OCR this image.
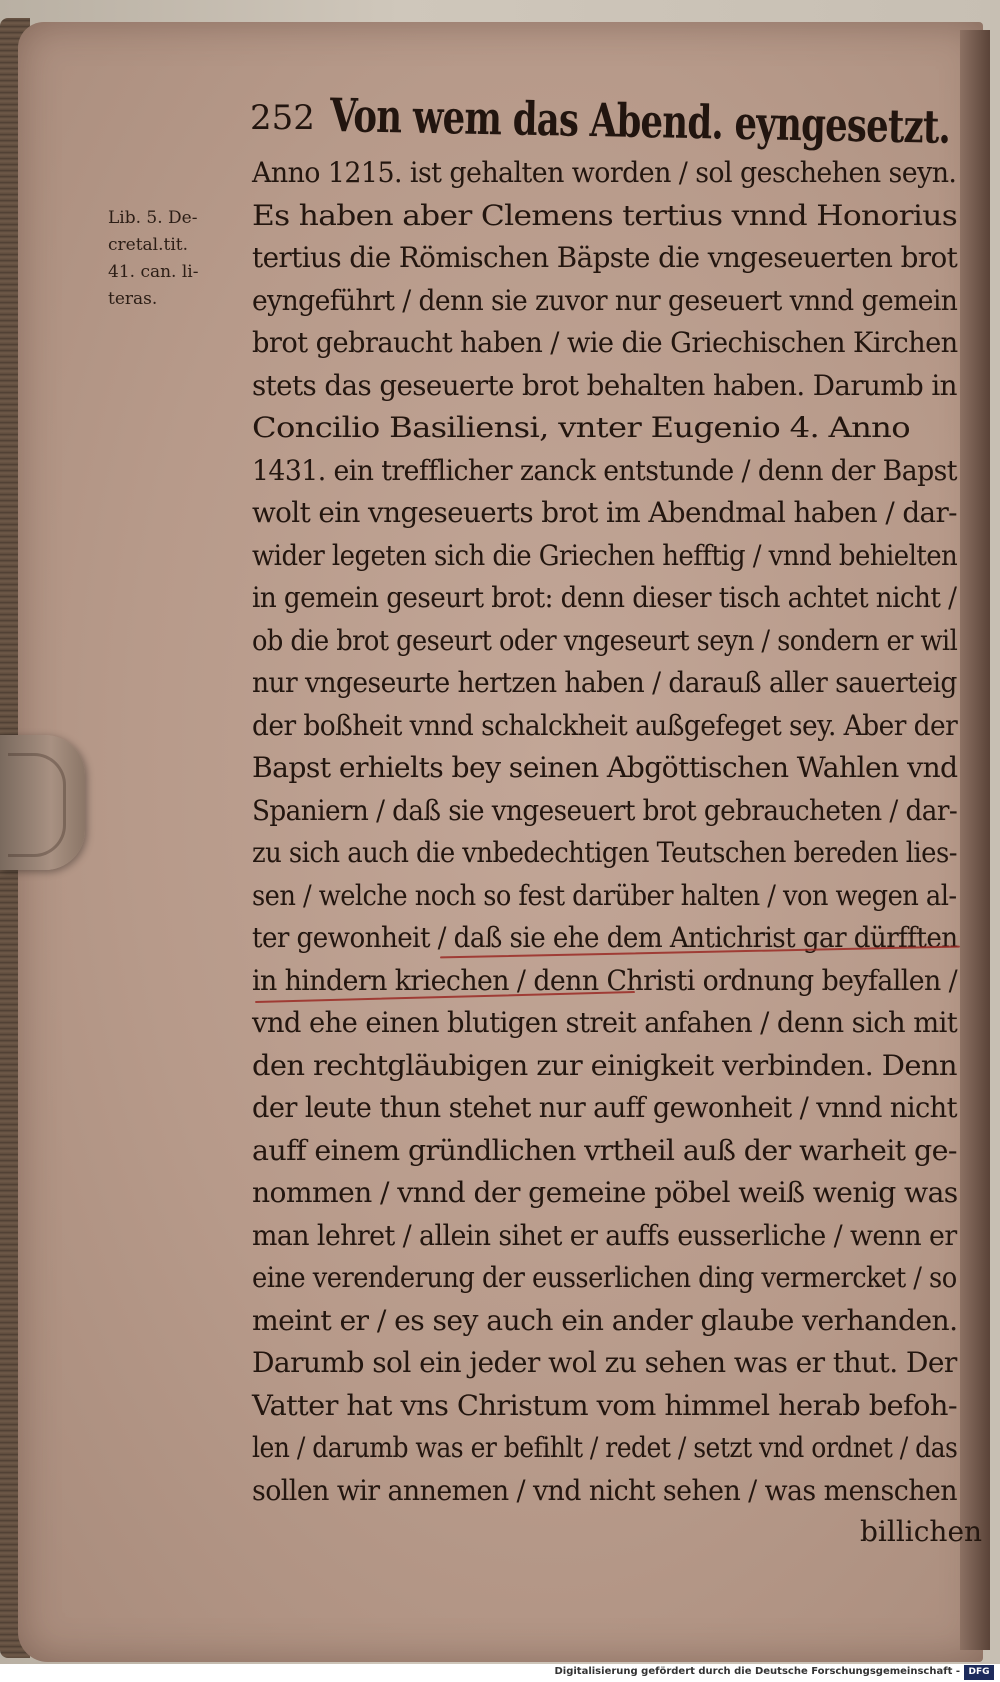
252 Von wem das Abend. eyngesetzt.
Lib. 5. De-
cretal.tit.
41. can. li-
teras.
Anno 1215. ist gehalten worden / sol geschehen seyn.
Es haben aber Clemens tertius vnnd Honorius
tertius die Römischen Bäpste die vngeseuerten brot
eyngeführt / denn sie zuvor nur geseuert vnnd gemein
brot gebraucht haben / wie die Griechischen Kirchen
stets das geseuerte brot behalten haben. Darumb in
Concilio Basiliensi, vnter Eugenio 4. Anno
1431. ein trefflicher zanck entstunde / denn der Bapst
wolt ein vngeseuerts brot im Abendmal haben / dar-
wider legeten sich die Griechen hefftig / vnnd behielten
in gemein geseurt brot: denn dieser tisch achtet nicht /
ob die brot geseurt oder vngeseurt seyn / sondern er wil
nur vngeseurte hertzen haben / darauß aller sauerteig
der boßheit vnnd schalckheit außgefeget sey. Aber der
Bapst erhielts bey seinen Abgöttischen Wahlen vnd
Spaniern / daß sie vngeseuert brot gebraucheten / dar-
zu sich auch die vnbedechtigen Teutschen bereden lies-
sen / welche noch so fest darüber halten / von wegen al-
ter gewonheit / daß sie ehe dem Antichrist gar dürfften
in hindern kriechen / denn Christi ordnung beyfallen /
vnd ehe einen blutigen streit anfahen / denn sich mit
den rechtgläubigen zur einigkeit verbinden. Denn
der leute thun stehet nur auff gewonheit / vnnd nicht
auff einem gründlichen vrtheil auß der warheit ge-
nommen / vnnd der gemeine pöbel weiß wenig was
man lehret / allein sihet er auffs eusserliche / wenn er
eine verenderung der eusserlichen ding vermercket / so
meint er / es sey auch ein ander glaube verhanden.
Darumb sol ein jeder wol zu sehen was er thut. Der
Vatter hat vns Christum vom himmel herab befoh-
len / darumb was er befihlt / redet / setzt vnd ordnet / das
sollen wir annemen / vnd nicht sehen / was menschen
billichen
Digitalisierung gefördert durch die Deutsche Forschungsgemeinschaft - DFG
